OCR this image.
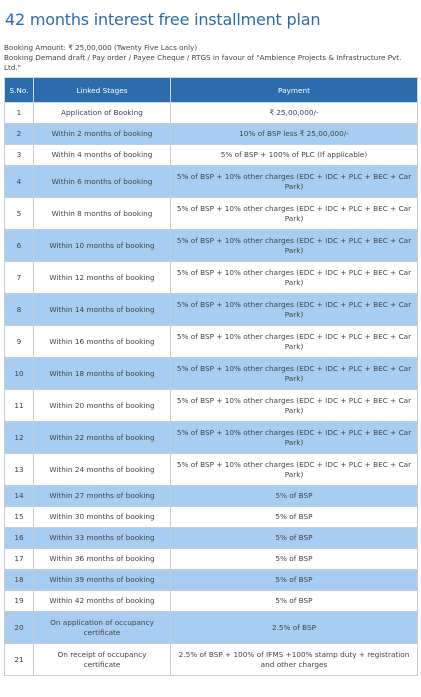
42 months interest free installment plan
Booking Amount: ₹ 25,00,000 (Twenty Five Lacs only)
Booking Demand draft / Pay order / Payee Cheque / RTGS in favour of "Ambience Projects & Infrastructure Pvt. Ltd."
S.No.	Linked Stages	Payment
1	Application of Booking	₹ 25,00,000/-
2	Within 2 months of booking	10% of BSP less ₹ 25,00,000/-
3	Within 4 months of booking	5% of BSP + 100% of PLC (If applicable)
4	Within 6 months of booking	5% of BSP + 10% other charges (EDC + IDC + PLC + BEC + Car Park)
5	Within 8 months of booking	5% of BSP + 10% other charges (EDC + IDC + PLC + BEC + Car Park)
6	Within 10 months of booking	5% of BSP + 10% other charges (EDC + IDC + PLC + BEC + Car Park)
7	Within 12 months of booking	5% of BSP + 10% other charges (EDC + IDC + PLC + BEC + Car Park)
8	Within 14 months of booking	5% of BSP + 10% other charges (EDC + IDC + PLC + BEC + Car Park)
9	Within 16 months of booking	5% of BSP + 10% other charges (EDC + IDC + PLC + BEC + Car Park)
10	Within 18 months of booking	5% of BSP + 10% other charges (EDC + IDC + PLC + BEC + Car Park)
11	Within 20 months of booking	5% of BSP + 10% other charges (EDC + IDC + PLC + BEC + Car Park)
12	Within 22 months of booking	5% of BSP + 10% other charges (EDC + IDC + PLC + BEC + Car Park)
13	Within 24 months of booking	5% of BSP + 10% other charges (EDC + IDC + PLC + BEC + Car Park)
14	Within 27 months of booking	5% of BSP
15	Within 30 months of booking	5% of BSP
16	Within 33 months of booking	5% of BSP
17	Within 36 months of booking	5% of BSP
18	Within 39 months of booking	5% of BSP
19	Within 42 months of booking	5% of BSP
20	On application of occupancy certificate	2.5% of BSP
21	On receipt of occupancy certificate	2.5% of BSP + 100% of IFMS +100% stamp duty + registration and other charges
